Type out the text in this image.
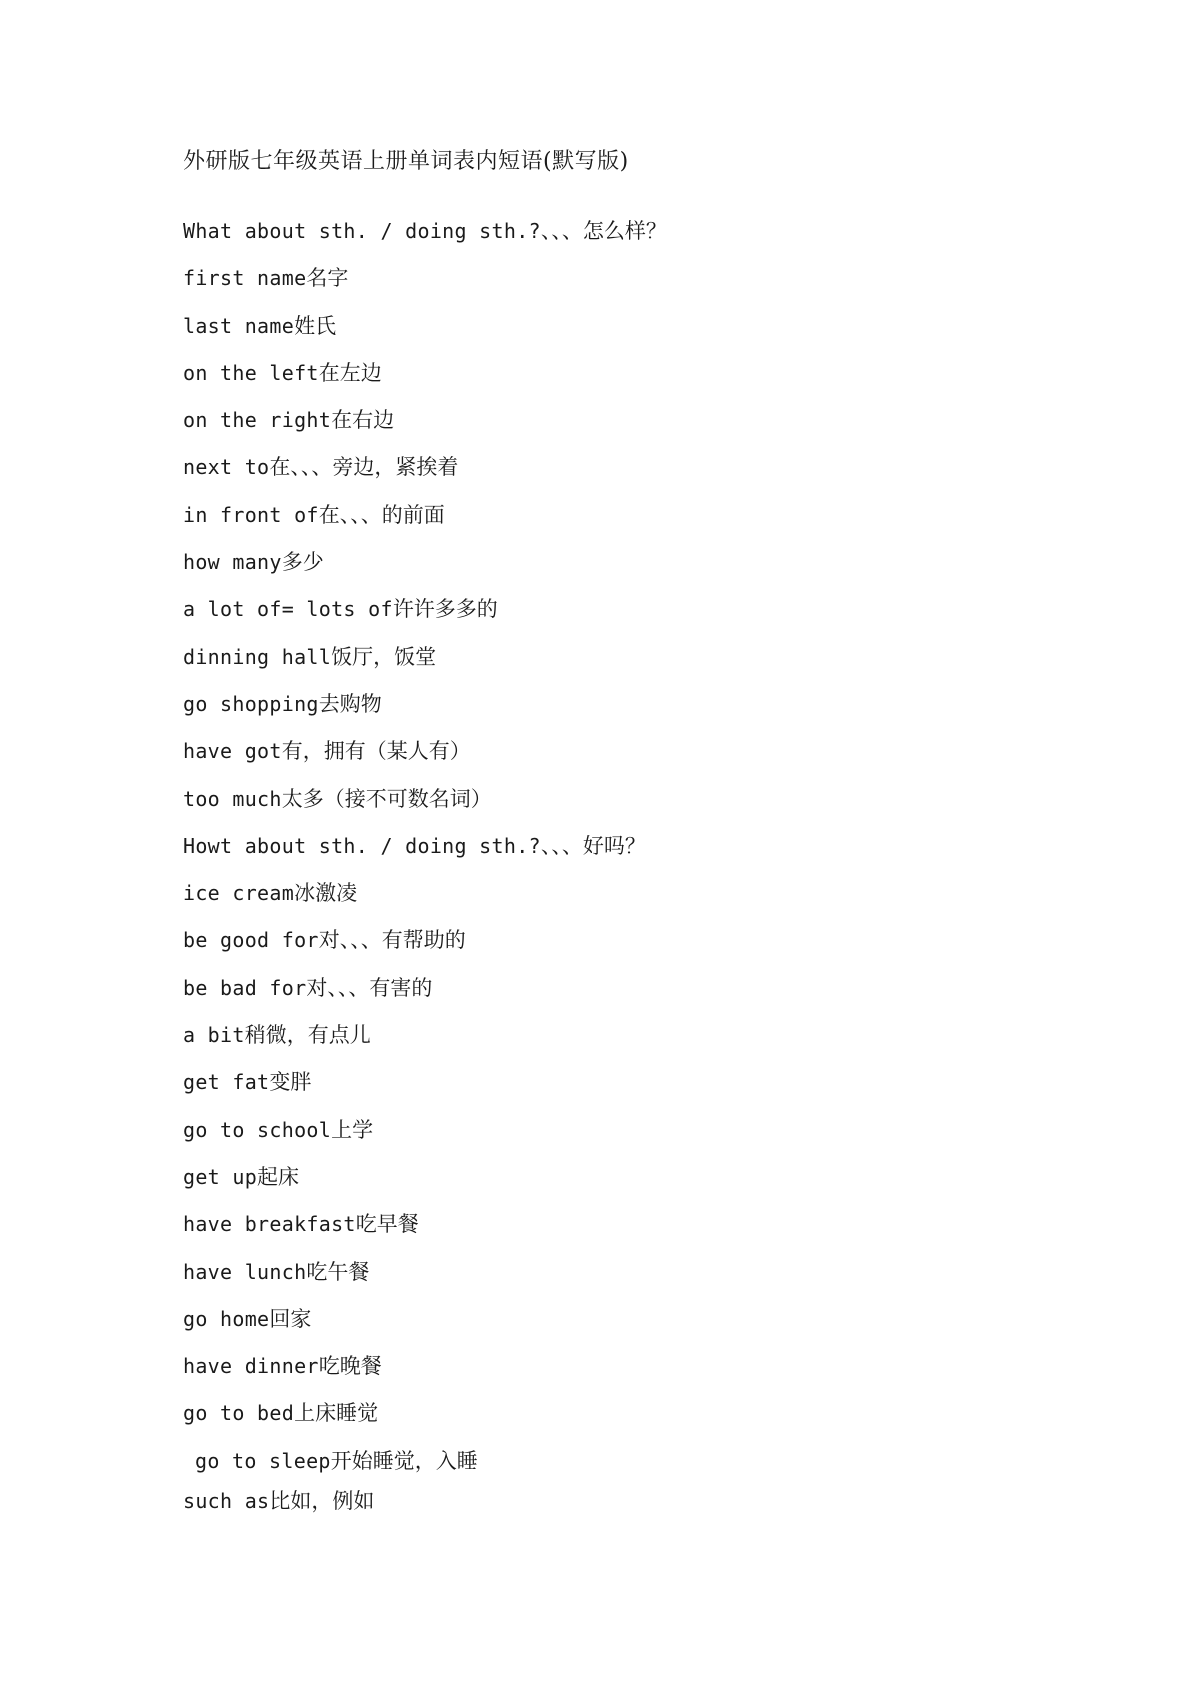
外研版七年级英语上册单词表内短语(默写版)
What about sth. / doing sth.?、、、怎么样？
first name名字
last name姓氏
on the left在左边
on the right在右边
next to在、、、旁边，紧挨着
in front of在、、、的前面
how many多少
a lot of= lots of许许多多的
dinning hall饭厅，饭堂
go shopping去购物
have got有，拥有（某人有）
too much太多（接不可数名词）
Howt about sth. / doing sth.?、、、好吗？
ice cream冰激凌
be good for对、、、有帮助的
be bad for对、、、有害的
a bit稍微，有点儿
get fat变胖
go to school上学
get up起床
have breakfast吃早餐
have lunch吃午餐
go home回家
have dinner吃晚餐
go to bed上床睡觉
go to sleep开始睡觉，入睡
such as比如，例如
